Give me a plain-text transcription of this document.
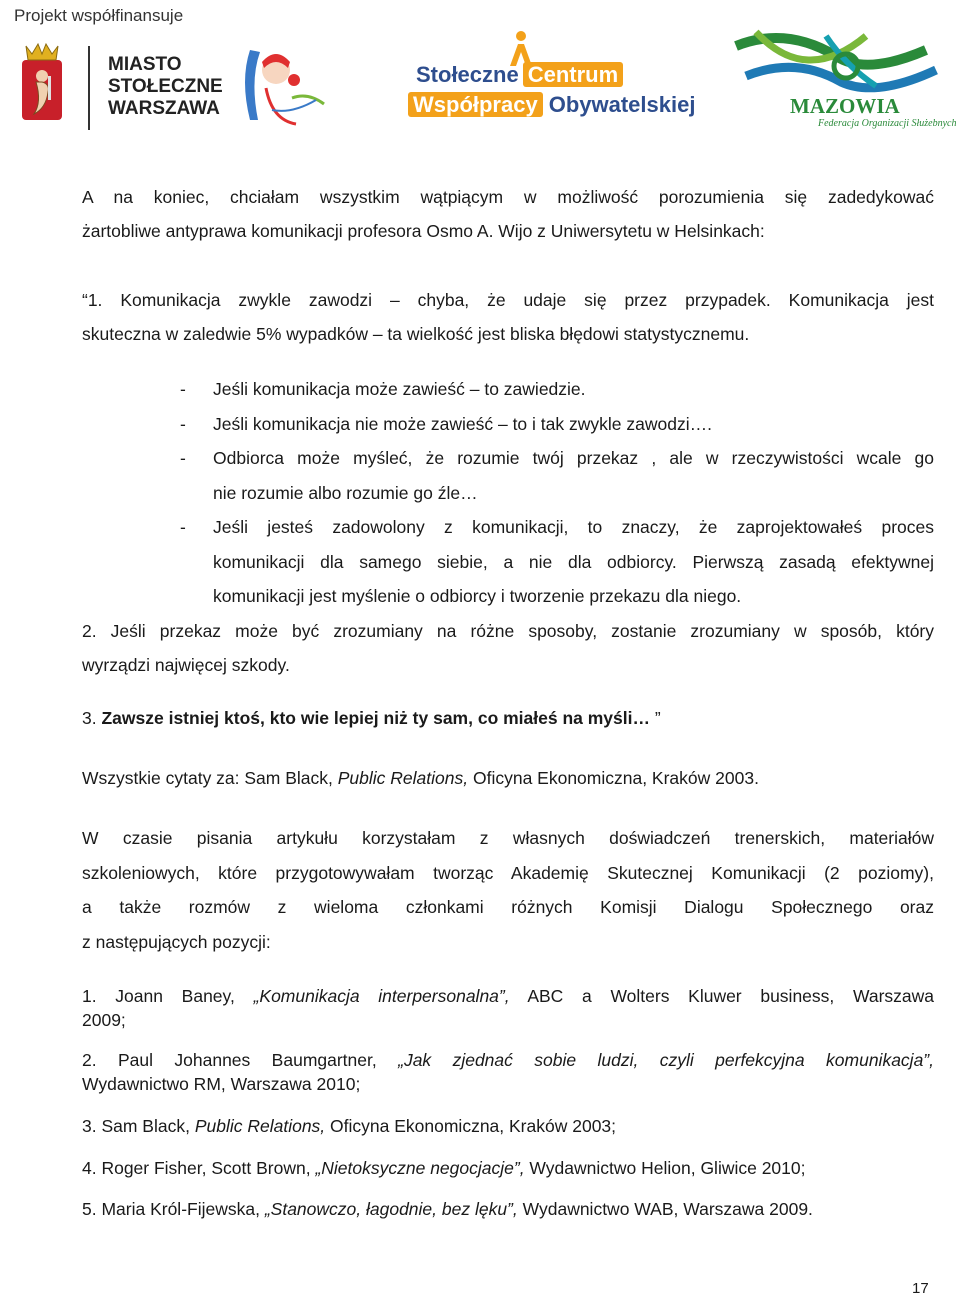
Projekt współfinansuje
MIASTO
STOŁECZNE
WARSZAWA
Stołeczne Centrum
Współpracy Obywatelskiej	MAZOWIA
Federacja Organizacji Służebnych
A na koniec, chciałam wszystkim wątpiącym w możliwość porozumienia się zadedykować
żartobliwe antyprawa komunikacji profesora Osmo A. Wijo z Uniwersytetu w Helsinkach:
“1. Komunikacja zwykle zawodzi – chyba, że udaje się przez przypadek. Komunikacja jest
skuteczna w zaledwie 5% wypadków – ta wielkość jest bliska błędowi statystycznemu.
- Jeśli komunikacja może zawieść – to zawiedzie.
- Jeśli komunikacja nie może zawieść – to i tak zwykle zawodzi….
- Odbiorca może myśleć, że rozumie twój przekaz , ale w rzeczywistości wcale go
nie rozumie albo rozumie go źle…
- Jeśli jesteś zadowolony z komunikacji, to znaczy, że zaprojektowałeś proces
komunikacji dla samego siebie, a nie dla odbiorcy. Pierwszą zasadą efektywnej
komunikacji jest myślenie o odbiorcy i tworzenie przekazu dla niego.
2. Jeśli przekaz może być zrozumiany na różne sposoby, zostanie zrozumiany w sposób, który
wyrządzi najwięcej szkody.
3. Zawsze istniej ktoś, kto wie lepiej niż ty sam, co miałeś na myśli… ”
Wszystkie cytaty za: Sam Black, Public Relations, Oficyna Ekonomiczna, Kraków 2003.
W czasie pisania artykułu korzystałam z własnych doświadczeń trenerskich, materiałów
szkoleniowych, które przygotowywałam tworząc Akademię Skutecznej Komunikacji (2 poziomy),
a także rozmów z wieloma członkami różnych Komisji Dialogu Społecznego oraz
z następujących pozycji:
1. Joann Baney, „Komunikacja interpersonalna”, ABC a Wolters Kluwer business, Warszawa
2009;
2. Paul Johannes Baumgartner, „Jak zjednać sobie ludzi, czyli perfekcyjna komunikacja”,
Wydawnictwo RM, Warszawa 2010;
3. Sam Black, Public Relations, Oficyna Ekonomiczna, Kraków 2003;
4. Roger Fisher, Scott Brown, „Nietoksyczne negocjacje”, Wydawnictwo Helion, Gliwice 2010;
5. Maria Król-Fijewska, „Stanowczo, łagodnie, bez lęku”, Wydawnictwo WAB, Warszawa 2009.
17
